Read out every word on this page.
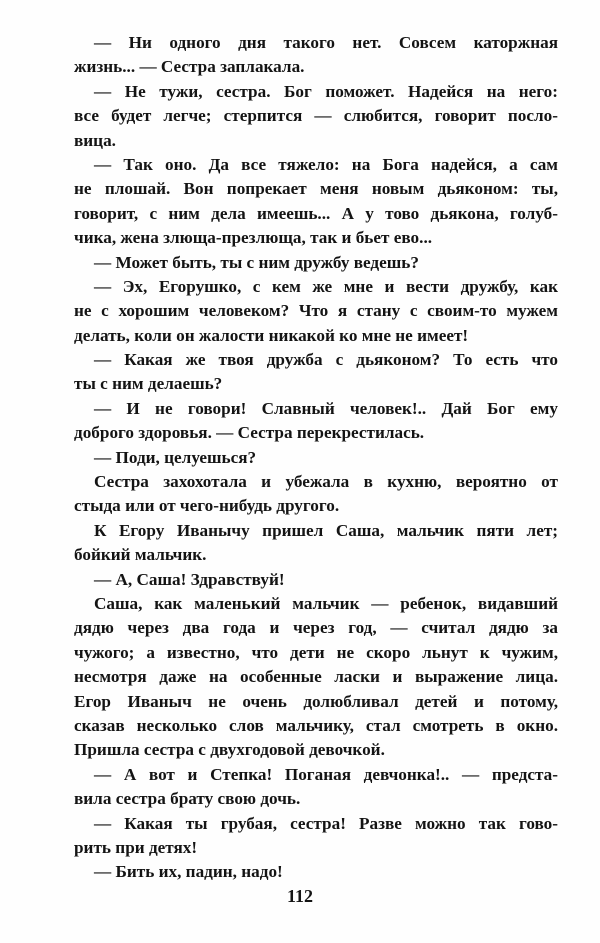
— Ни одного дня такого нет. Совсем каторжная
жизнь... — Сестра заплакала.
— Не тужи, сестра. Бог поможет. Надейся на него:
все будет легче; стерпится — слюбится, говорит посло-
вица.
— Так оно. Да все тяжело: на Бога надейся, а сам
не плошай. Вон попрекает меня новым дьяконом: ты,
говорит, с ним дела имеешь... А у тово дьякона, голуб-
чика, жена злюща-презлюща, так и бьет ево...
— Может быть, ты с ним дружбу ведешь?
— Эх, Егорушко, с кем же мне и вести дружбу, как
не с хорошим человеком? Что я стану с своим-то мужем
делать, коли он жалости никакой ко мне не имеет!
— Какая же твоя дружба с дьяконом? То есть что
ты с ним делаешь?
— И не говори! Славный человек!.. Дай Бог ему
доброго здоровья. — Сестра перекрестилась.
— Поди, целуешься?
Сестра захохотала и убежала в кухню, вероятно от
стыда или от чего-нибудь другого.
К Егору Иванычу пришел Саша, мальчик пяти лет;
бойкий мальчик.
— А, Саша! Здравствуй!
Саша, как маленький мальчик — ребенок, видавший
дядю через два года и через год, — считал дядю за
чужого; а известно, что дети не скоро льнут к чужим,
несмотря даже на особенные ласки и выражение лица.
Егор Иваныч не очень долюбливал детей и потому,
сказав несколько слов мальчику, стал смотреть в окно.
Пришла сестра с двухгодовой девочкой.
— А вот и Степка! Поганая девчонка!.. — предста-
вила сестра брату свою дочь.
— Какая ты грубая, сестра! Разве можно так гово-
рить при детях!
— Бить их, падин, надо!
112
